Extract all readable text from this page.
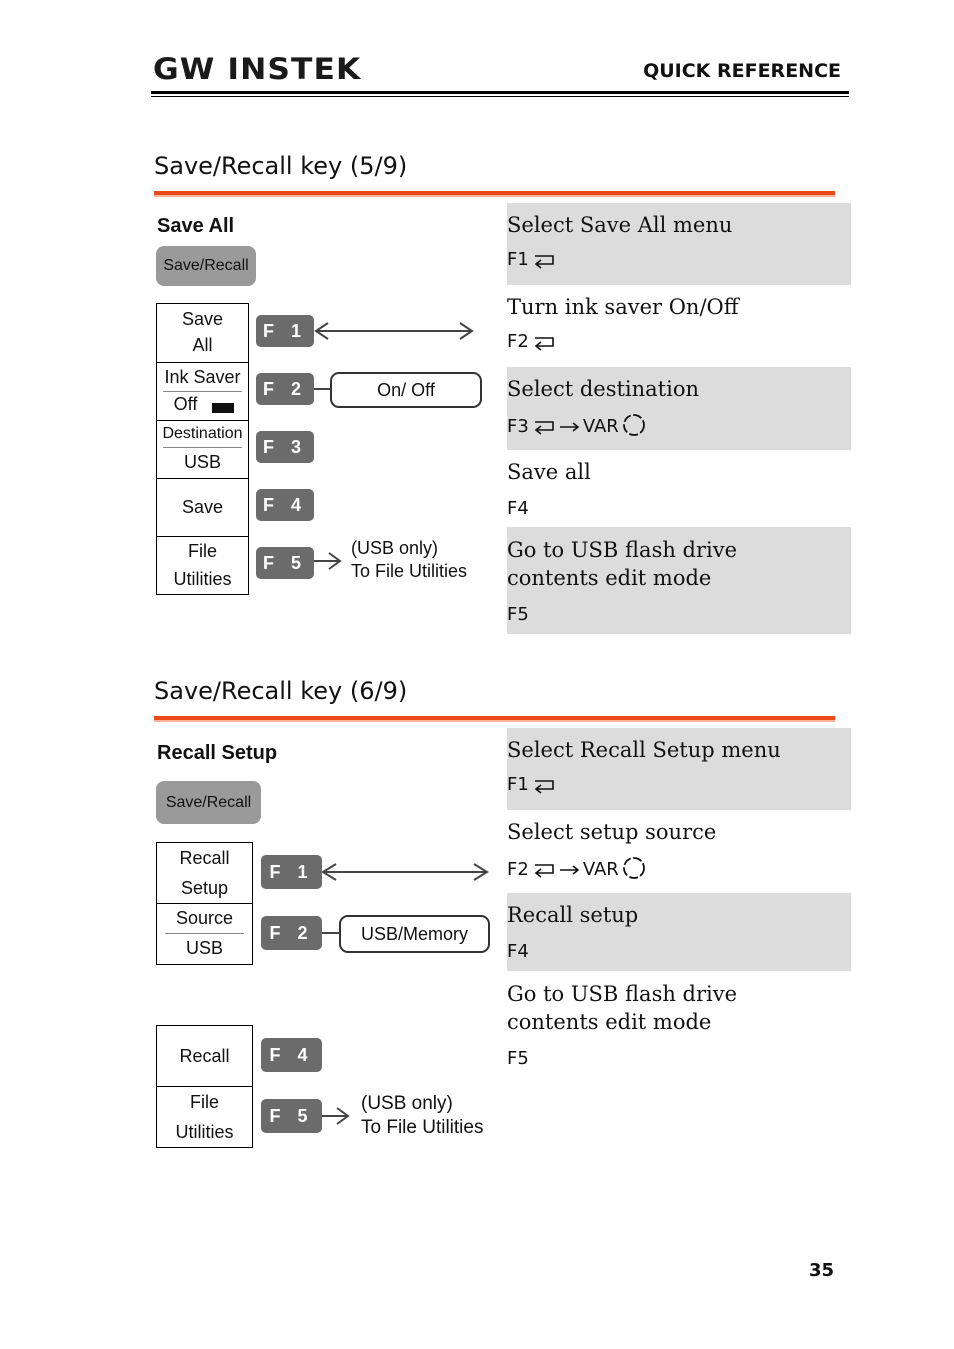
GW INSTEK	QUICK REFERENCE
Save/Recall key (5/9)
Save All
Save/Recall
Save
All
Ink Saver
Off
Destination
USB
Save
File
Utilities
F 1
F 2
F 3
F 4
F 5
On/ Off
(USB only)
To File Utilities
Select Save All menu
F1
Turn ink saver On/Off
F2
Select destination
F3	VAR
Save all
F4
Go to USB flash drive contents edit mode
F5
Save/Recall key (6/9)
Recall Setup
Save/Recall
Recall
Setup
Source
USB
Recall
File
Utilities
F 1
F 2
F 4
F 5
USB/Memory
(USB only)
To File Utilities
Select Recall Setup menu
F1
Select setup source
F2	VAR
Recall setup
F4
Go to USB flash drive contents edit mode
F5
35
